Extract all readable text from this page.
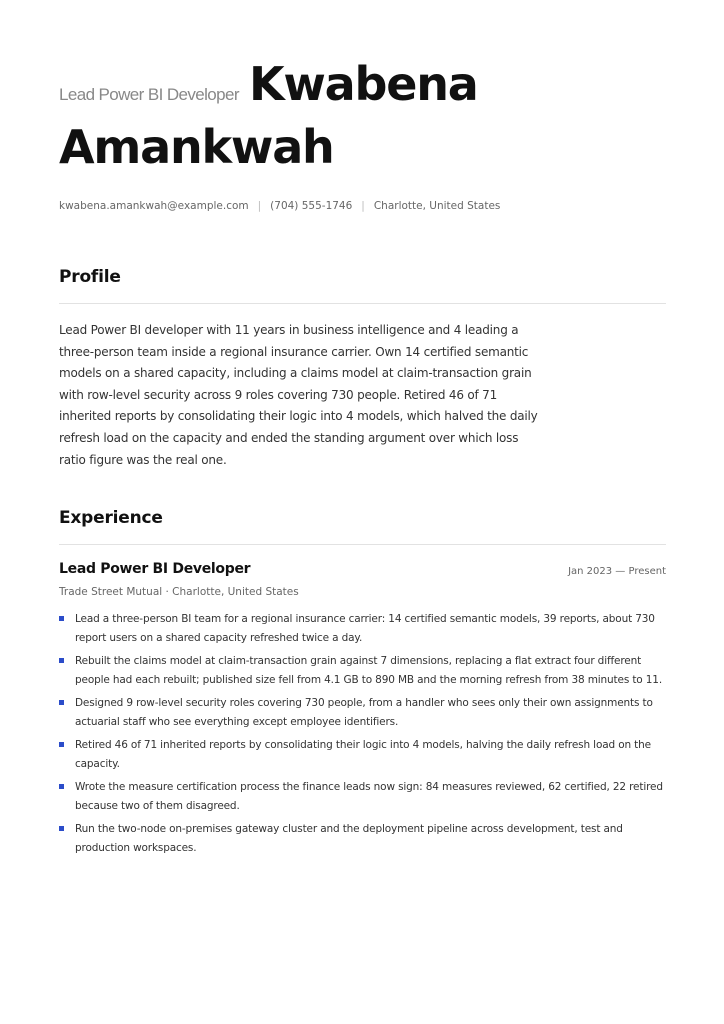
Lead Power BI Developer Kwabena
Amankwah

kwabena.amankwah@example.com | (704) 555-1746 | Charlotte, United States
Profile

Lead Power BI developer with 11 years in business intelligence and 4 leading a three-person team inside a regional insurance carrier. Own 14 certified semantic models on a shared capacity, including a claims model at claim-transaction grain with row-level security across 9 roles covering 730 people. Retired 46 of 71 inherited reports by consolidating their logic into 4 models, which halved the daily refresh load on the capacity and ended the standing argument over which loss ratio figure was the real one.

Experience
Lead Power BI Developer	Jan 2023 — Present
Trade Street Mutual · Charlotte, United States
Lead a three-person BI team for a regional insurance carrier: 14 certified semantic models, 39 reports, about 730 report users on a shared capacity refreshed twice a day.
Rebuilt the claims model at claim-transaction grain against 7 dimensions, replacing a flat extract four different people had each rebuilt; published size fell from 4.1 GB to 890 MB and the morning refresh from 38 minutes to 11.
Designed 9 row-level security roles covering 730 people, from a handler who sees only their own assignments to actuarial staff who see everything except employee identifiers.
Retired 46 of 71 inherited reports by consolidating their logic into 4 models, halving the daily refresh load on the capacity.
Wrote the measure certification process the finance leads now sign: 84 measures reviewed, 62 certified, 22 retired because two of them disagreed.
Run the two-node on-premises gateway cluster and the deployment pipeline across development, test and production workspaces.
